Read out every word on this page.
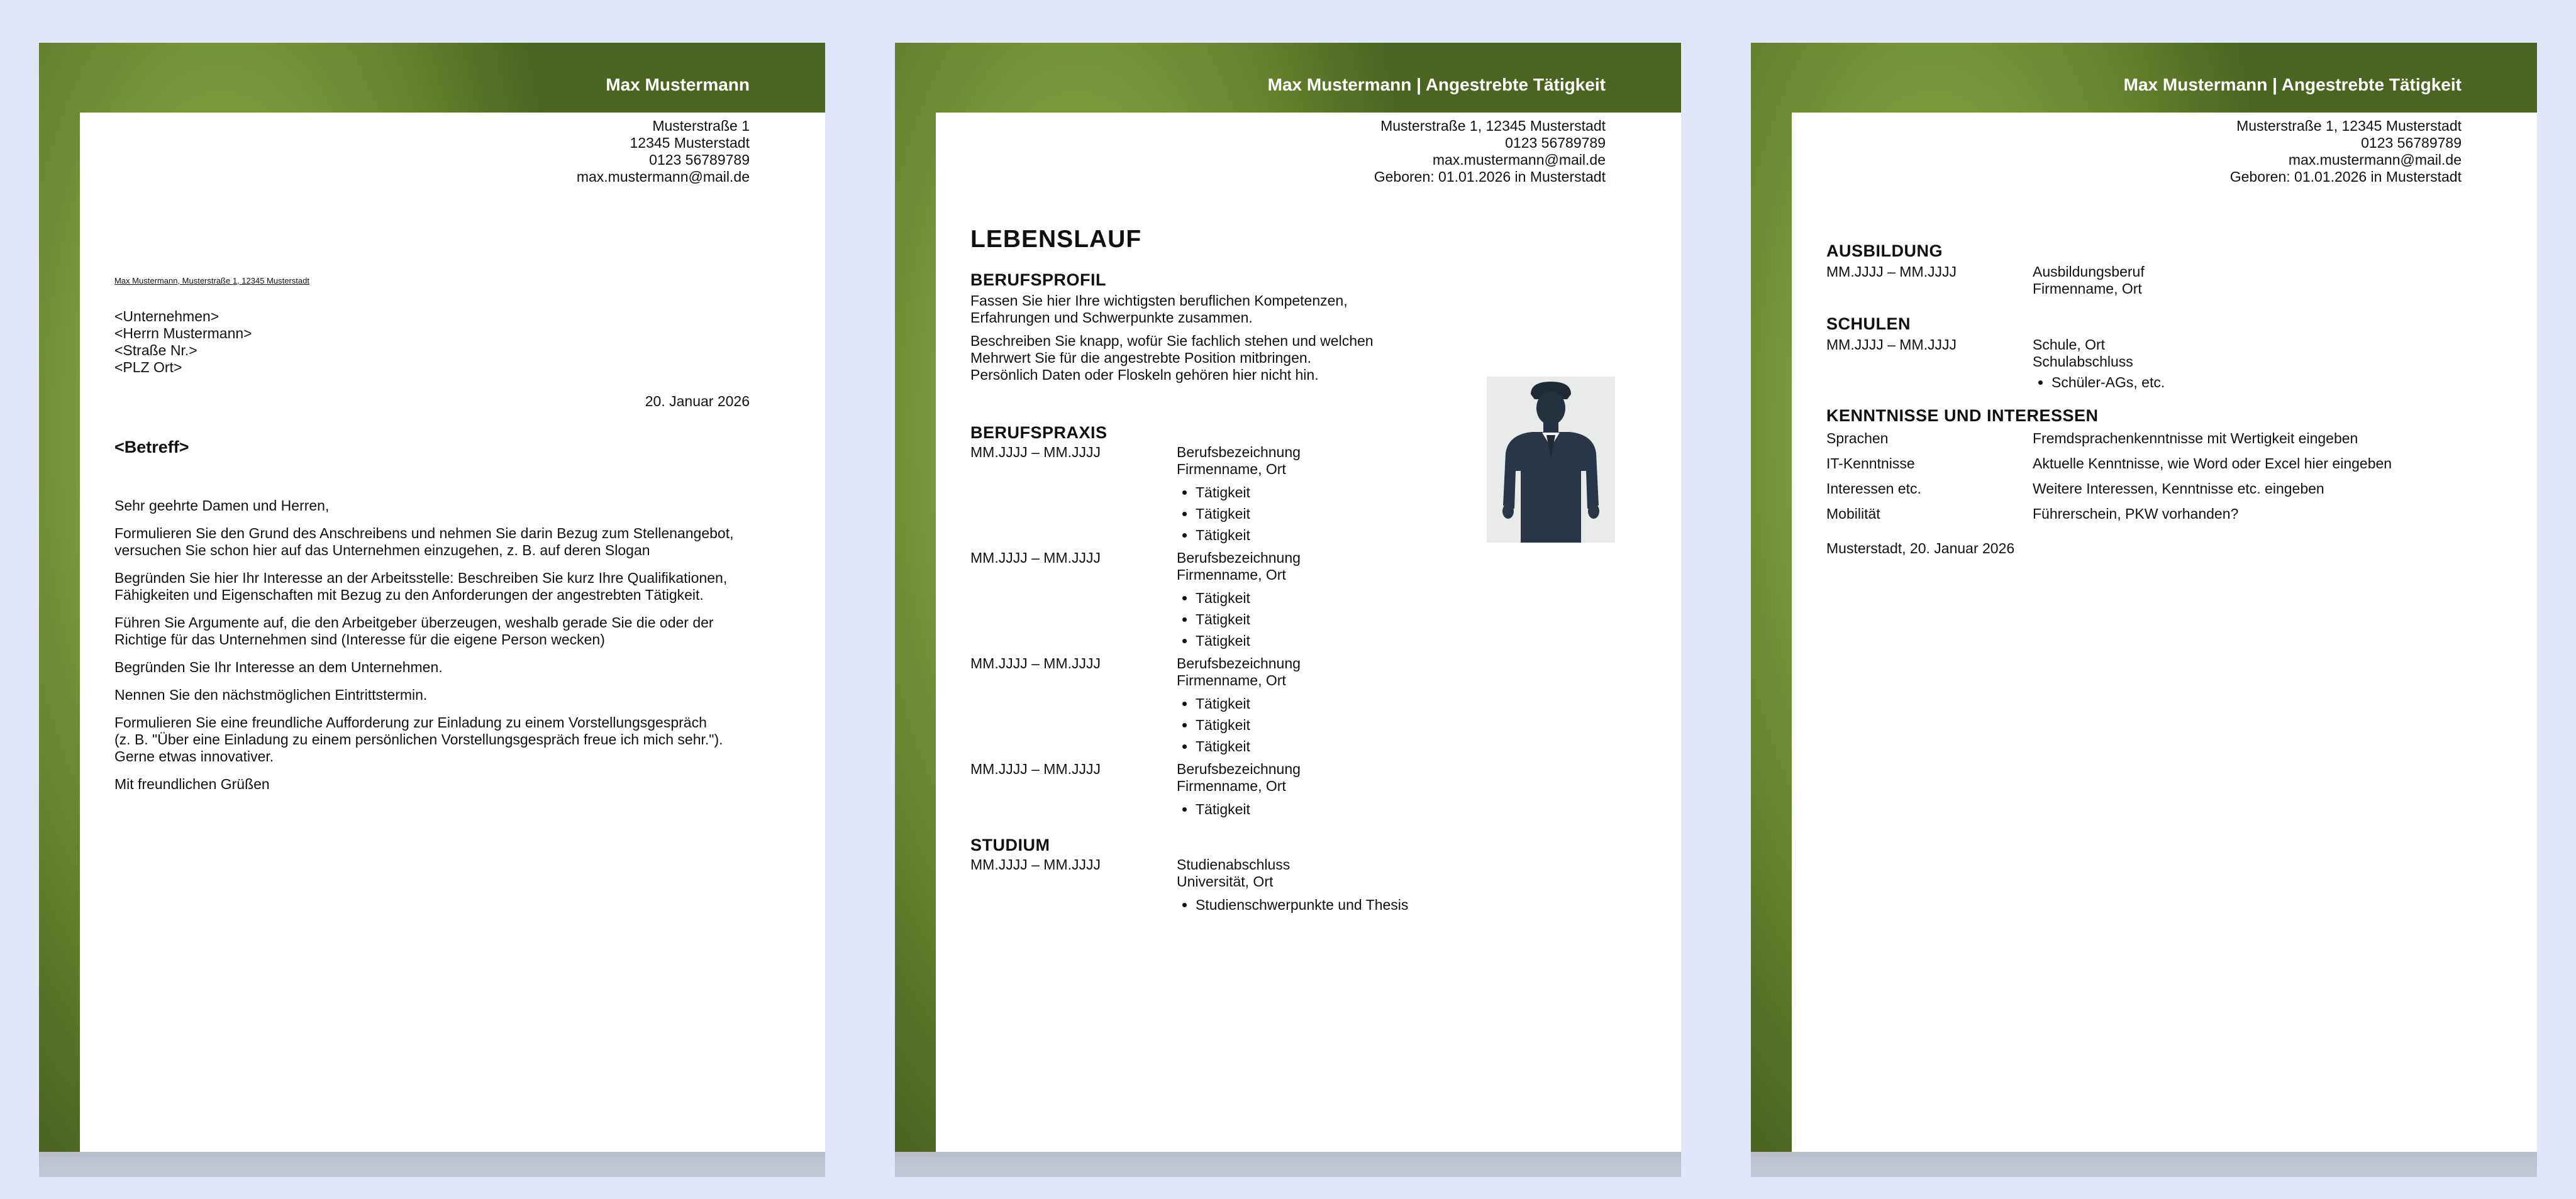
Max Mustermann
Musterstraße 1
12345 Musterstadt
0123 56789789
max.mustermann@mail.de
Max Mustermann, Musterstraße 1, 12345 Musterstadt
<Unternehmen>
<Herrn Mustermann>
<Straße Nr.>
<PLZ Ort>
20. Januar 2026
<Betreff>
Sehr geehrte Damen und Herren,
Formulieren Sie den Grund des Anschreibens und nehmen Sie darin Bezug zum Stellenangebot,
versuchen Sie schon hier auf das Unternehmen einzugehen, z. B. auf deren Slogan
Begründen Sie hier Ihr Interesse an der Arbeitsstelle: Beschreiben Sie kurz Ihre Qualifikationen,
Fähigkeiten und Eigenschaften mit Bezug zu den Anforderungen der angestrebten Tätigkeit.
Führen Sie Argumente auf, die den Arbeitgeber überzeugen, weshalb gerade Sie die oder der
Richtige für das Unternehmen sind (Interesse für die eigene Person wecken)
Begründen Sie Ihr Interesse an dem Unternehmen.
Nennen Sie den nächstmöglichen Eintrittstermin.
Formulieren Sie eine freundliche Aufforderung zur Einladung zu einem Vorstellungsgespräch
(z. B. "Über eine Einladung zu einem persönlichen Vorstellungsgespräch freue ich mich sehr.").
Gerne etwas innovativer.
Mit freundlichen Grüßen
Max Mustermann | Angestrebte Tätigkeit
Musterstraße 1, 12345 Musterstadt
0123 56789789
max.mustermann@mail.de
Geboren: 01.01.2026 in Musterstadt
LEBENSLAUF
BERUFSPROFIL
Fassen Sie hier Ihre wichtigsten beruflichen Kompetenzen,
Erfahrungen und Schwerpunkte zusammen.
Beschreiben Sie knapp, wofür Sie fachlich stehen und welchen
Mehrwert Sie für die angestrebte Position mitbringen.
Persönlich Daten oder Floskeln gehören hier nicht hin.
BERUFSPRAXIS
MM.JJJJ – MM.JJJJ	Berufsbezeichnung
Firmenname, Ort
• Tätigkeit
• Tätigkeit
• Tätigkeit
MM.JJJJ – MM.JJJJ	Berufsbezeichnung
Firmenname, Ort
• Tätigkeit
• Tätigkeit
• Tätigkeit
MM.JJJJ – MM.JJJJ	Berufsbezeichnung
Firmenname, Ort
• Tätigkeit
• Tätigkeit
• Tätigkeit
MM.JJJJ – MM.JJJJ	Berufsbezeichnung
Firmenname, Ort
• Tätigkeit
STUDIUM
MM.JJJJ – MM.JJJJ	Studienabschluss
Universität, Ort
• Studienschwerpunkte und Thesis
Max Mustermann | Angestrebte Tätigkeit
Musterstraße 1, 12345 Musterstadt
0123 56789789
max.mustermann@mail.de
Geboren: 01.01.2026 in Musterstadt
AUSBILDUNG
MM.JJJJ – MM.JJJJ	Ausbildungsberuf
Firmenname, Ort
SCHULEN
MM.JJJJ – MM.JJJJ	Schule, Ort
Schulabschluss
• Schüler-AGs, etc.
KENNTNISSE UND INTERESSEN
Sprachen	Fremdsprachenkenntnisse mit Wertigkeit eingeben
IT-Kenntnisse	Aktuelle Kenntnisse, wie Word oder Excel hier eingeben
Interessen etc.	Weitere Interessen, Kenntnisse etc. eingeben
Mobilität	Führerschein, PKW vorhanden?
Musterstadt, 20. Januar 2026
